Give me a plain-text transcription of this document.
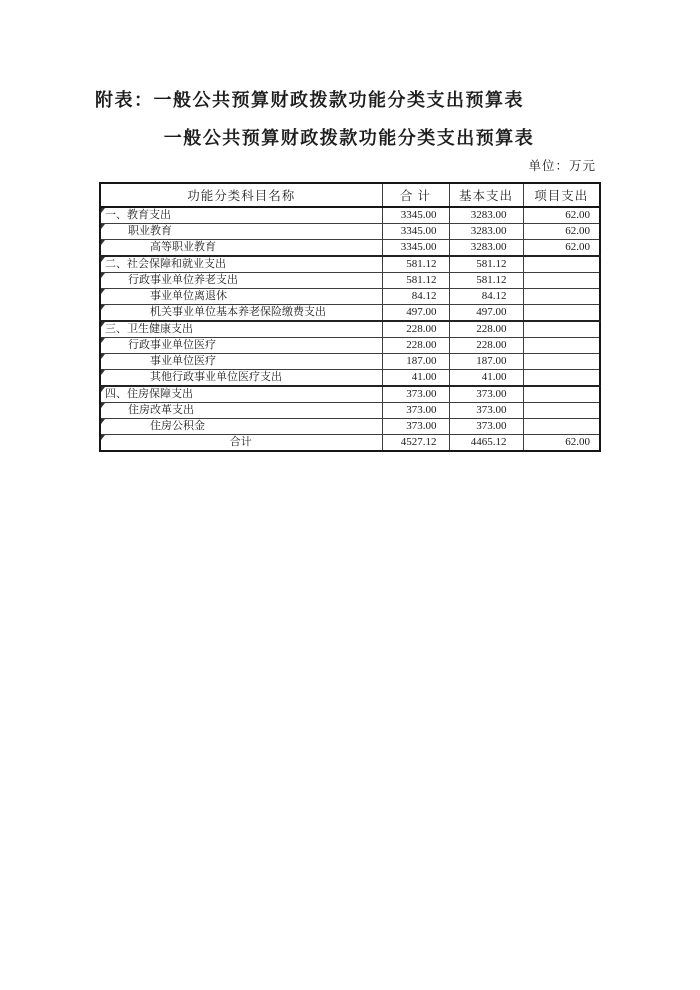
附表：一般公共预算财政拨款功能分类支出预算表
一般公共预算财政拨款功能分类支出预算表
单位：万元
功能分类科目名称	合 计	基本支出	项目支出

一、教育支出	3345.00	3283.00	62.00

职业教育	3345.00	3283.00	62.00

高等职业教育	3345.00	3283.00	62.00

二、社会保障和就业支出	581.12	581.12	

行政事业单位养老支出	581.12	581.12	

事业单位离退休	84.12	84.12	

机关事业单位基本养老保险缴费支出	497.00	497.00	

三、卫生健康支出	228.00	228.00	

行政事业单位医疗	228.00	228.00	

事业单位医疗	187.00	187.00	

其他行政事业单位医疗支出	41.00	41.00	

四、住房保障支出	373.00	373.00	

住房改革支出	373.00	373.00	

住房公积金	373.00	373.00	

合计	4527.12	4465.12	62.00
